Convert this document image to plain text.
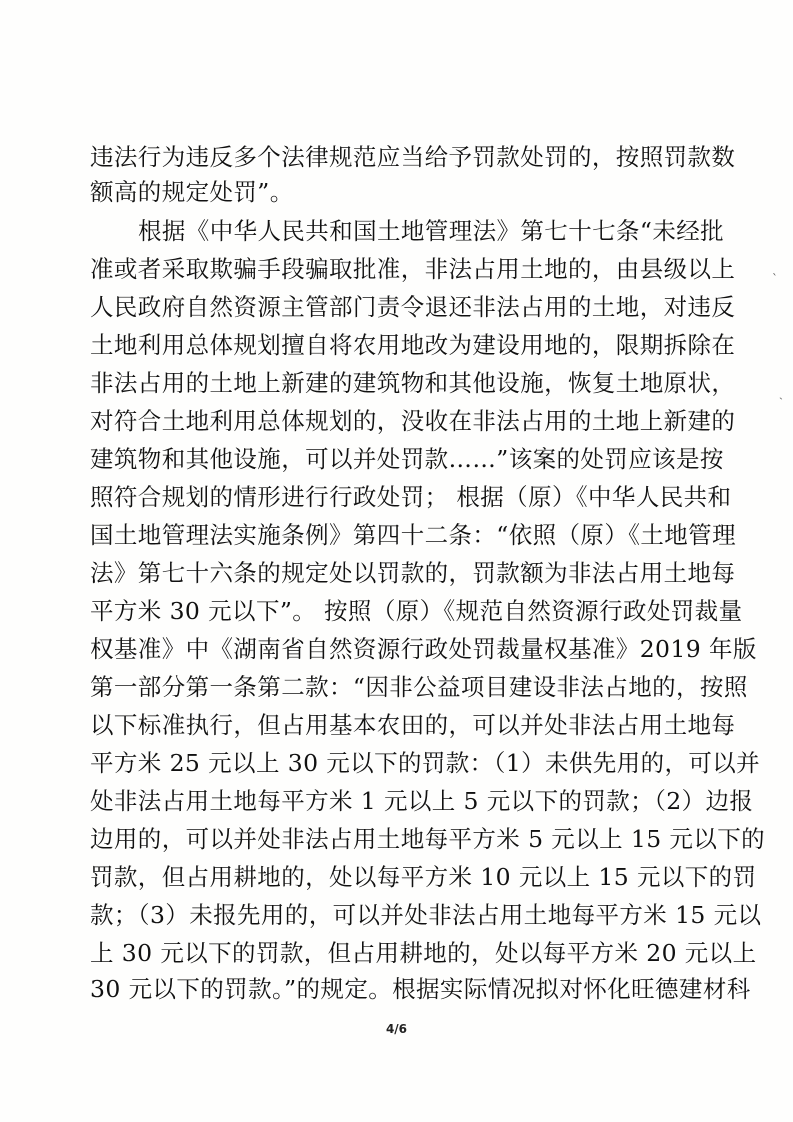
违法行为违反多个法律规范应当给予罚款处罚的，按照罚款数
额高的规定处罚”。
根据《中华人民共和国土地管理法》第七十七条“未经批
准或者采取欺骗手段骗取批准，非法占用土地的，由县级以上
人民政府自然资源主管部门责令退还非法占用的土地，对违反
土地利用总体规划擅自将农用地改为建设用地的，限期拆除在
非法占用的土地上新建的建筑物和其他设施，恢复土地原状，
对符合土地利用总体规划的，没收在非法占用的土地上新建的
建筑物和其他设施，可以并处罚款……”该案的处罚应该是按
照符合规划的情形进行行政处罚； 根据（原）《中华人民共和
国土地管理法实施条例》第四十二条：“依照（原）《土地管理
法》第七十六条的规定处以罚款的，罚款额为非法占用土地每
平方米 30 元以下”。 按照（原）《规范自然资源行政处罚裁量
权基准》中《湖南省自然资源行政处罚裁量权基准》2019 年版
第一部分第一条第二款：“因非公益项目建设非法占地的，按照
以下标准执行，但占用基本农田的，可以并处非法占用土地每
平方米 25 元以上 30 元以下的罚款：（1）未供先用的，可以并
处非法占用土地每平方米 1 元以上 5 元以下的罚款；（2）边报
边用的，可以并处非法占用土地每平方米 5 元以上 15 元以下的
罚款，但占用耕地的，处以每平方米 10 元以上 15 元以下的罚
款；（3）未报先用的，可以并处非法占用土地每平方米 15 元以
上 30 元以下的罚款，但占用耕地的，处以每平方米 20 元以上
30 元以下的罚款。”的规定。根据实际情况拟对怀化旺德建材科
4/6
ˋ
ˎ
